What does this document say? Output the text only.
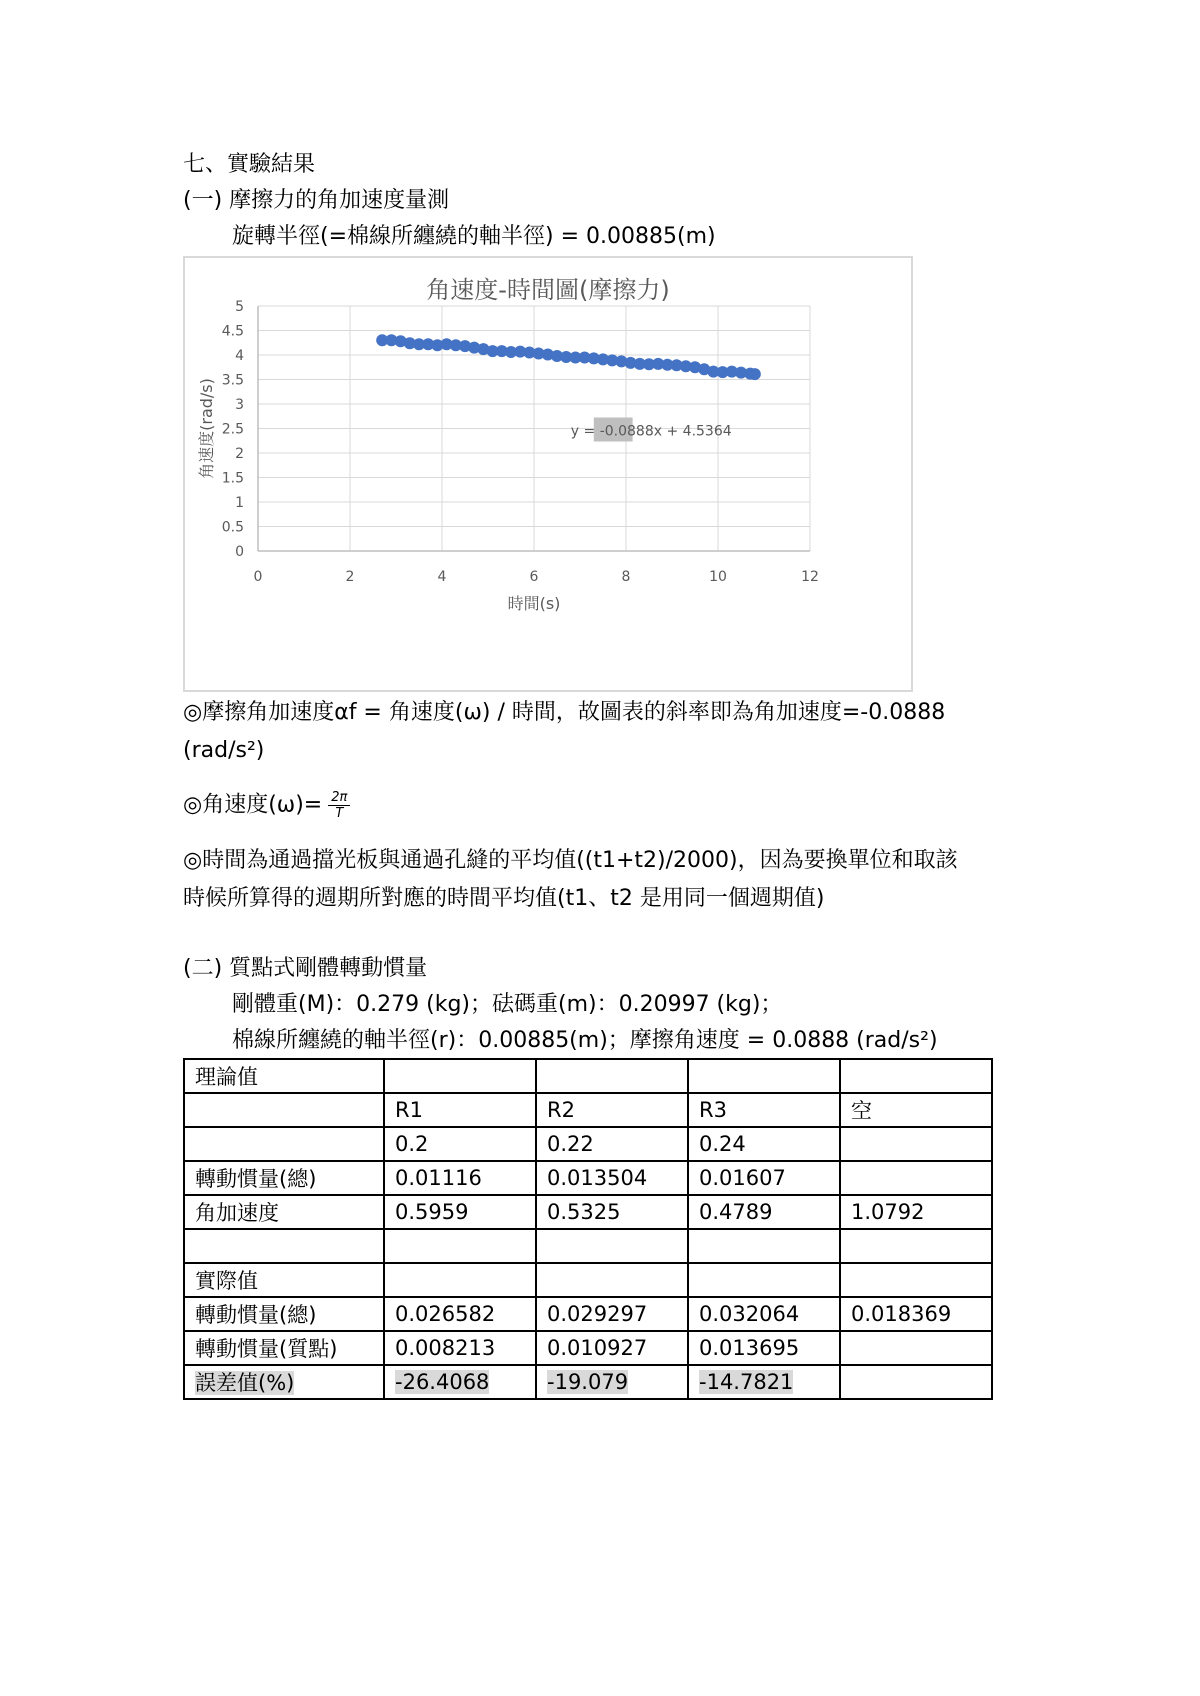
七、實驗結果
(一) 摩擦力的角加速度量測
旋轉半徑(=棉線所纏繞的軸半徑) = 0.00885(m)
角速度-時間圖(摩擦力)
0
0.5
1
1.5
2
2.5
3
3.5
4
4.5
5
0	2	4	6	8	10	12
時間(s)
角速度(rad/s)	y = -0.0888x + 4.5364
◎摩擦角加速度αf = 角速度(ω) / 時間，故圖表的斜率即為角加速度=-0.0888
(rad/s²)
◎角速度$(\omega)= \frac{2\pi}{T}$
◎時間為通過擋光板與通過孔縫的平均值((t1+t2)/2000)，因為要換單位和取該
時候所算得的週期所對應的時間平均值(t1、t2 是用同一個週期值)
(二) 質點式剛體轉動慣量
剛體重(M)：0.279 (kg)；砝碼重(m)：0.20997 (kg)；
棉線所纏繞的軸半徑(r)：0.00885(m)；摩擦角速度 = 0.0888 (rad/s²)
理論值				
	R1	R2	R3	空
	0.2	0.22	0.24	
轉動慣量(總)	0.01116	0.013504	0.01607	
角加速度	0.5959	0.5325	0.4789	1.0792

實際值				
轉動慣量(總)	0.026582	0.029297	0.032064	0.018369
轉動慣量(質點)	0.008213	0.010927	0.013695	
誤差值(%)	-26.4068	-19.079	-14.7821	
